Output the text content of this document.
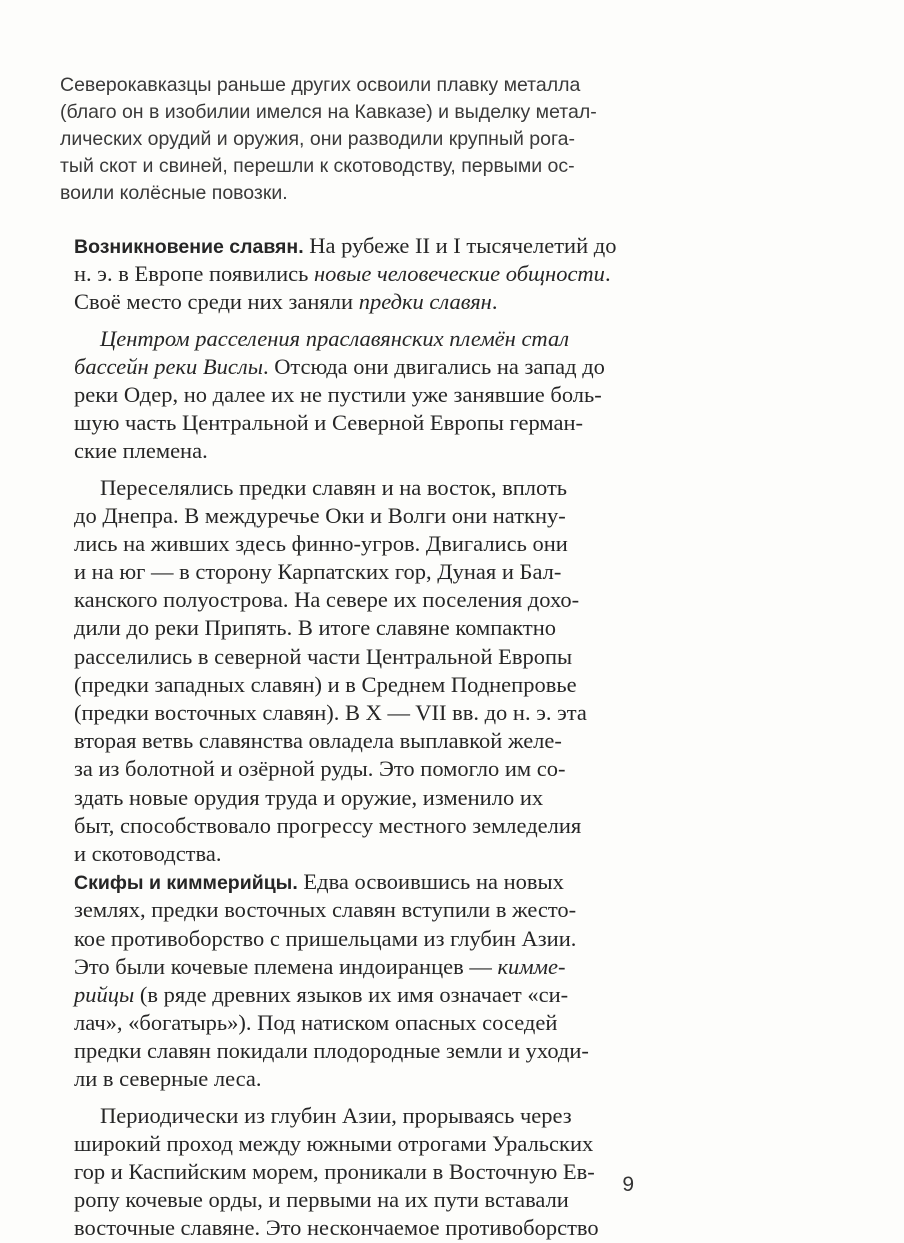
Северокавказцы раньше других освоили плавку металла
(благо он в изобилии имелся на Кавказе) и выделку метал-
лических орудий и оружия, они разводили крупный рога-
тый скот и свиней, перешли к скотоводству, первыми ос-
воили колёсные повозки.
Возникновение славян. На рубеже II и I тысячелетий до
н. э. в Европе появились новые человеческие общности.
Своё место среди них заняли предки славян.
Центром расселения праславянских племён стал
бассейн реки Вислы. Отсюда они двигались на запад до
реки Одер, но далее их не пустили уже занявшие боль-
шую часть Центральной и Северной Европы герман-
ские племена.
Переселялись предки славян и на восток, вплоть
до Днепра. В междуречье Оки и Волги они наткну-
лись на живших здесь финно-угров. Двигались они
и на юг — в сторону Карпатских гор, Дуная и Бал-
канского полуострова. На севере их поселения дохо-
дили до реки Припять. В итоге славяне компактно
расселились в северной части Центральной Европы
(предки западных славян) и в Среднем Поднепровье
(предки восточных славян). В X — VII вв. до н. э. эта
вторая ветвь славянства овладела выплавкой желе-
за из болотной и озёрной руды. Это помогло им со-
здать новые орудия труда и оружие, изменило их
быт, способствовало прогрессу местного земледелия
и скотоводства.
Скифы и киммерийцы. Едва освоившись на новых
землях, предки восточных славян вступили в жесто-
кое противоборство с пришельцами из глубин Азии.
Это были кочевые племена индоиранцев — кимме-
рийцы (в ряде древних языков их имя означает «си-
лач», «богатырь»). Под натиском опасных соседей
предки славян покидали плодородные земли и уходи-
ли в северные леса.
Периодически из глубин Азии, прорываясь через
широкий проход между южными отрогами Уральских
гор и Каспийским морем, проникали в Восточную Ев-
ропу кочевые орды, и первыми на их пути вставали
восточные славяне. Это нескончаемое противоборство
9
